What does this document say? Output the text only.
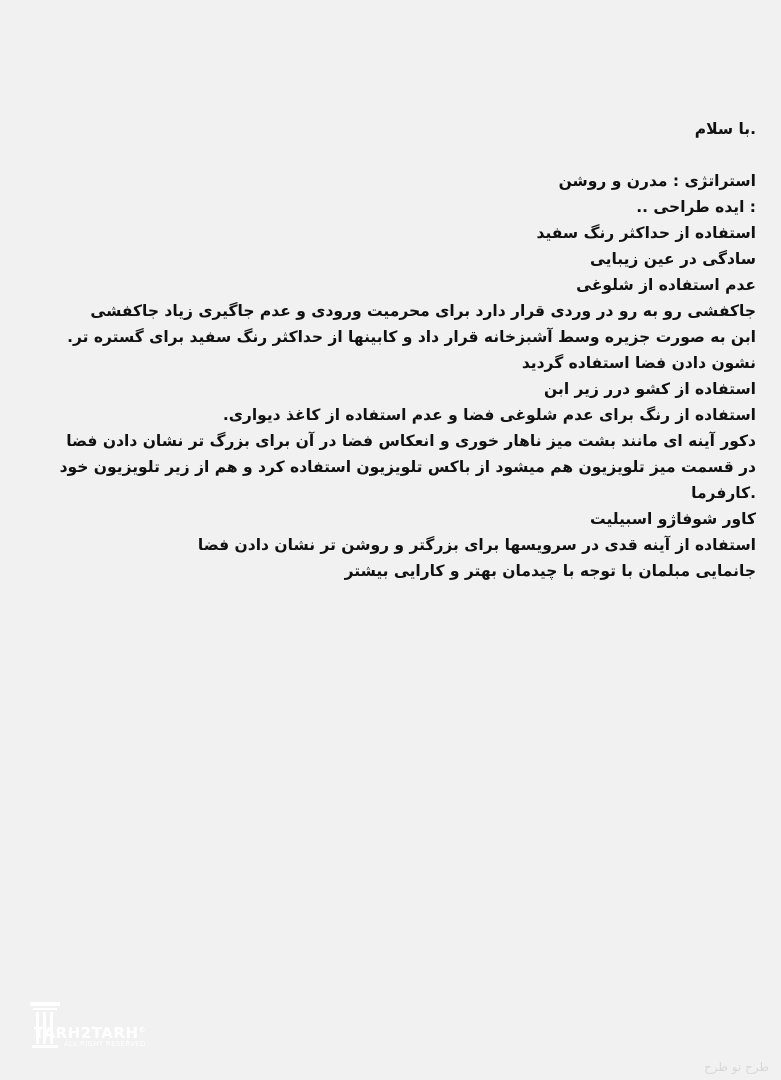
.با سلام
استراتژی : مدرن و روشن
: ایده طراحی ..
استفاده از حداکثر رنگ سفید
سادگی در عین زیبایی
عدم استفاده از شلوغی
جاکفشی رو به رو در وردی قرار دارد برای محرمیت ورودی و عدم جاگیری زیاد جاکفشی
ابن به صورت جزیره وسط آشبزخانه قرار داد و کابینها از حداکثر رنگ سفید برای گستره تر.
نشون دادن فضا استفاده گردید
استفاده از کشو درر زیر ابن
استفاده از رنگ برای عدم شلوغی فضا و عدم استفاده از کاغذ دیواری.
دکور آینه ای مانند بشت میز ناهار خوری و انعکاس فضا در آن برای بزرگ تر نشان دادن فضا
در قسمت میز تلویزیون هم میشود از باکس تلویزیون استفاده کرد و هم از زیر تلویزیون خود
.کارفرما
کاور شوفاژو اسبیلیت
استفاده از آینه قدی در سرویسها برای بزرگتر و روشن تر نشان دادن فضا
جانمایی مبلمان با توجه با چیدمان بهتر و کارایی بیشتر
TARH2TARH©
ALL RIGHT RESERVED
طرح تو طرح
